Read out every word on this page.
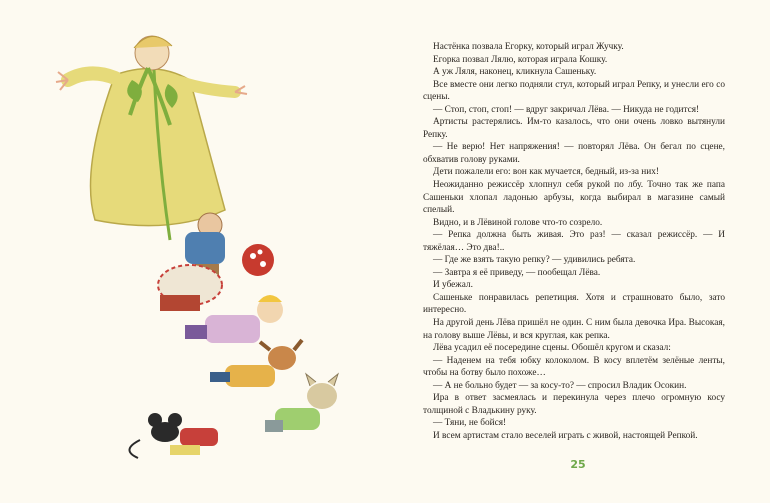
Настёнка позвала Егорку, который играл Жучку.

Егорка позвал Лялю, которая играла Кошку.

А уж Ляля, наконец, кликнула Сашеньку.

Все вместе они легко подняли стул, который играл Репку, и унесли его со сцены.

— Стоп, стоп, стоп! — вдруг закричал Лёва. — Никуда не годится!

Артисты растерялись. Им-то казалось, что они очень ловко вытянули Репку.

— Не верю! Нет напряжения! — повторял Лёва. Он бегал по сцене, обхватив голову руками.

Дети пожалели его: вон как мучается, бедный, из-за них!

Неожиданно режиссёр хлопнул себя рукой по лбу. Точно так же папа Сашеньки хлопал ладонью арбузы, когда выбирал в магазине самый спелый.

Видно, и в Лёвиной голове что-то созрело.

— Репка должна быть живая. Это раз! — сказал режиссёр. — И тяжёлая… Это два!..

— Где же взять такую репку? — удивились ребята.

— Завтра я её приведу, — пообещал Лёва.

И убежал.

Сашеньке понравилась репетиция. Хотя и страшновато было, зато интересно.

На другой день Лёва пришёл не один. С ним была девочка Ира. Высокая, на голову выше Лёвы, и вся круглая, как репка.

Лёва усадил её посередине сцены. Обошёл кругом и сказал:

— Наденем на тебя юбку колоколом. В косу вплетём зелёные ленты, чтобы на ботву было похоже…

— А не больно будет — за косу-то? — спросил Владик Осокин.

Ира в ответ засмеялась и перекинула через плечо огромную косу толщиной с Владькину руку.

— Тяни, не бойся!

И всем артистам стало веселей играть с живой, настоящей Репкой.

25
